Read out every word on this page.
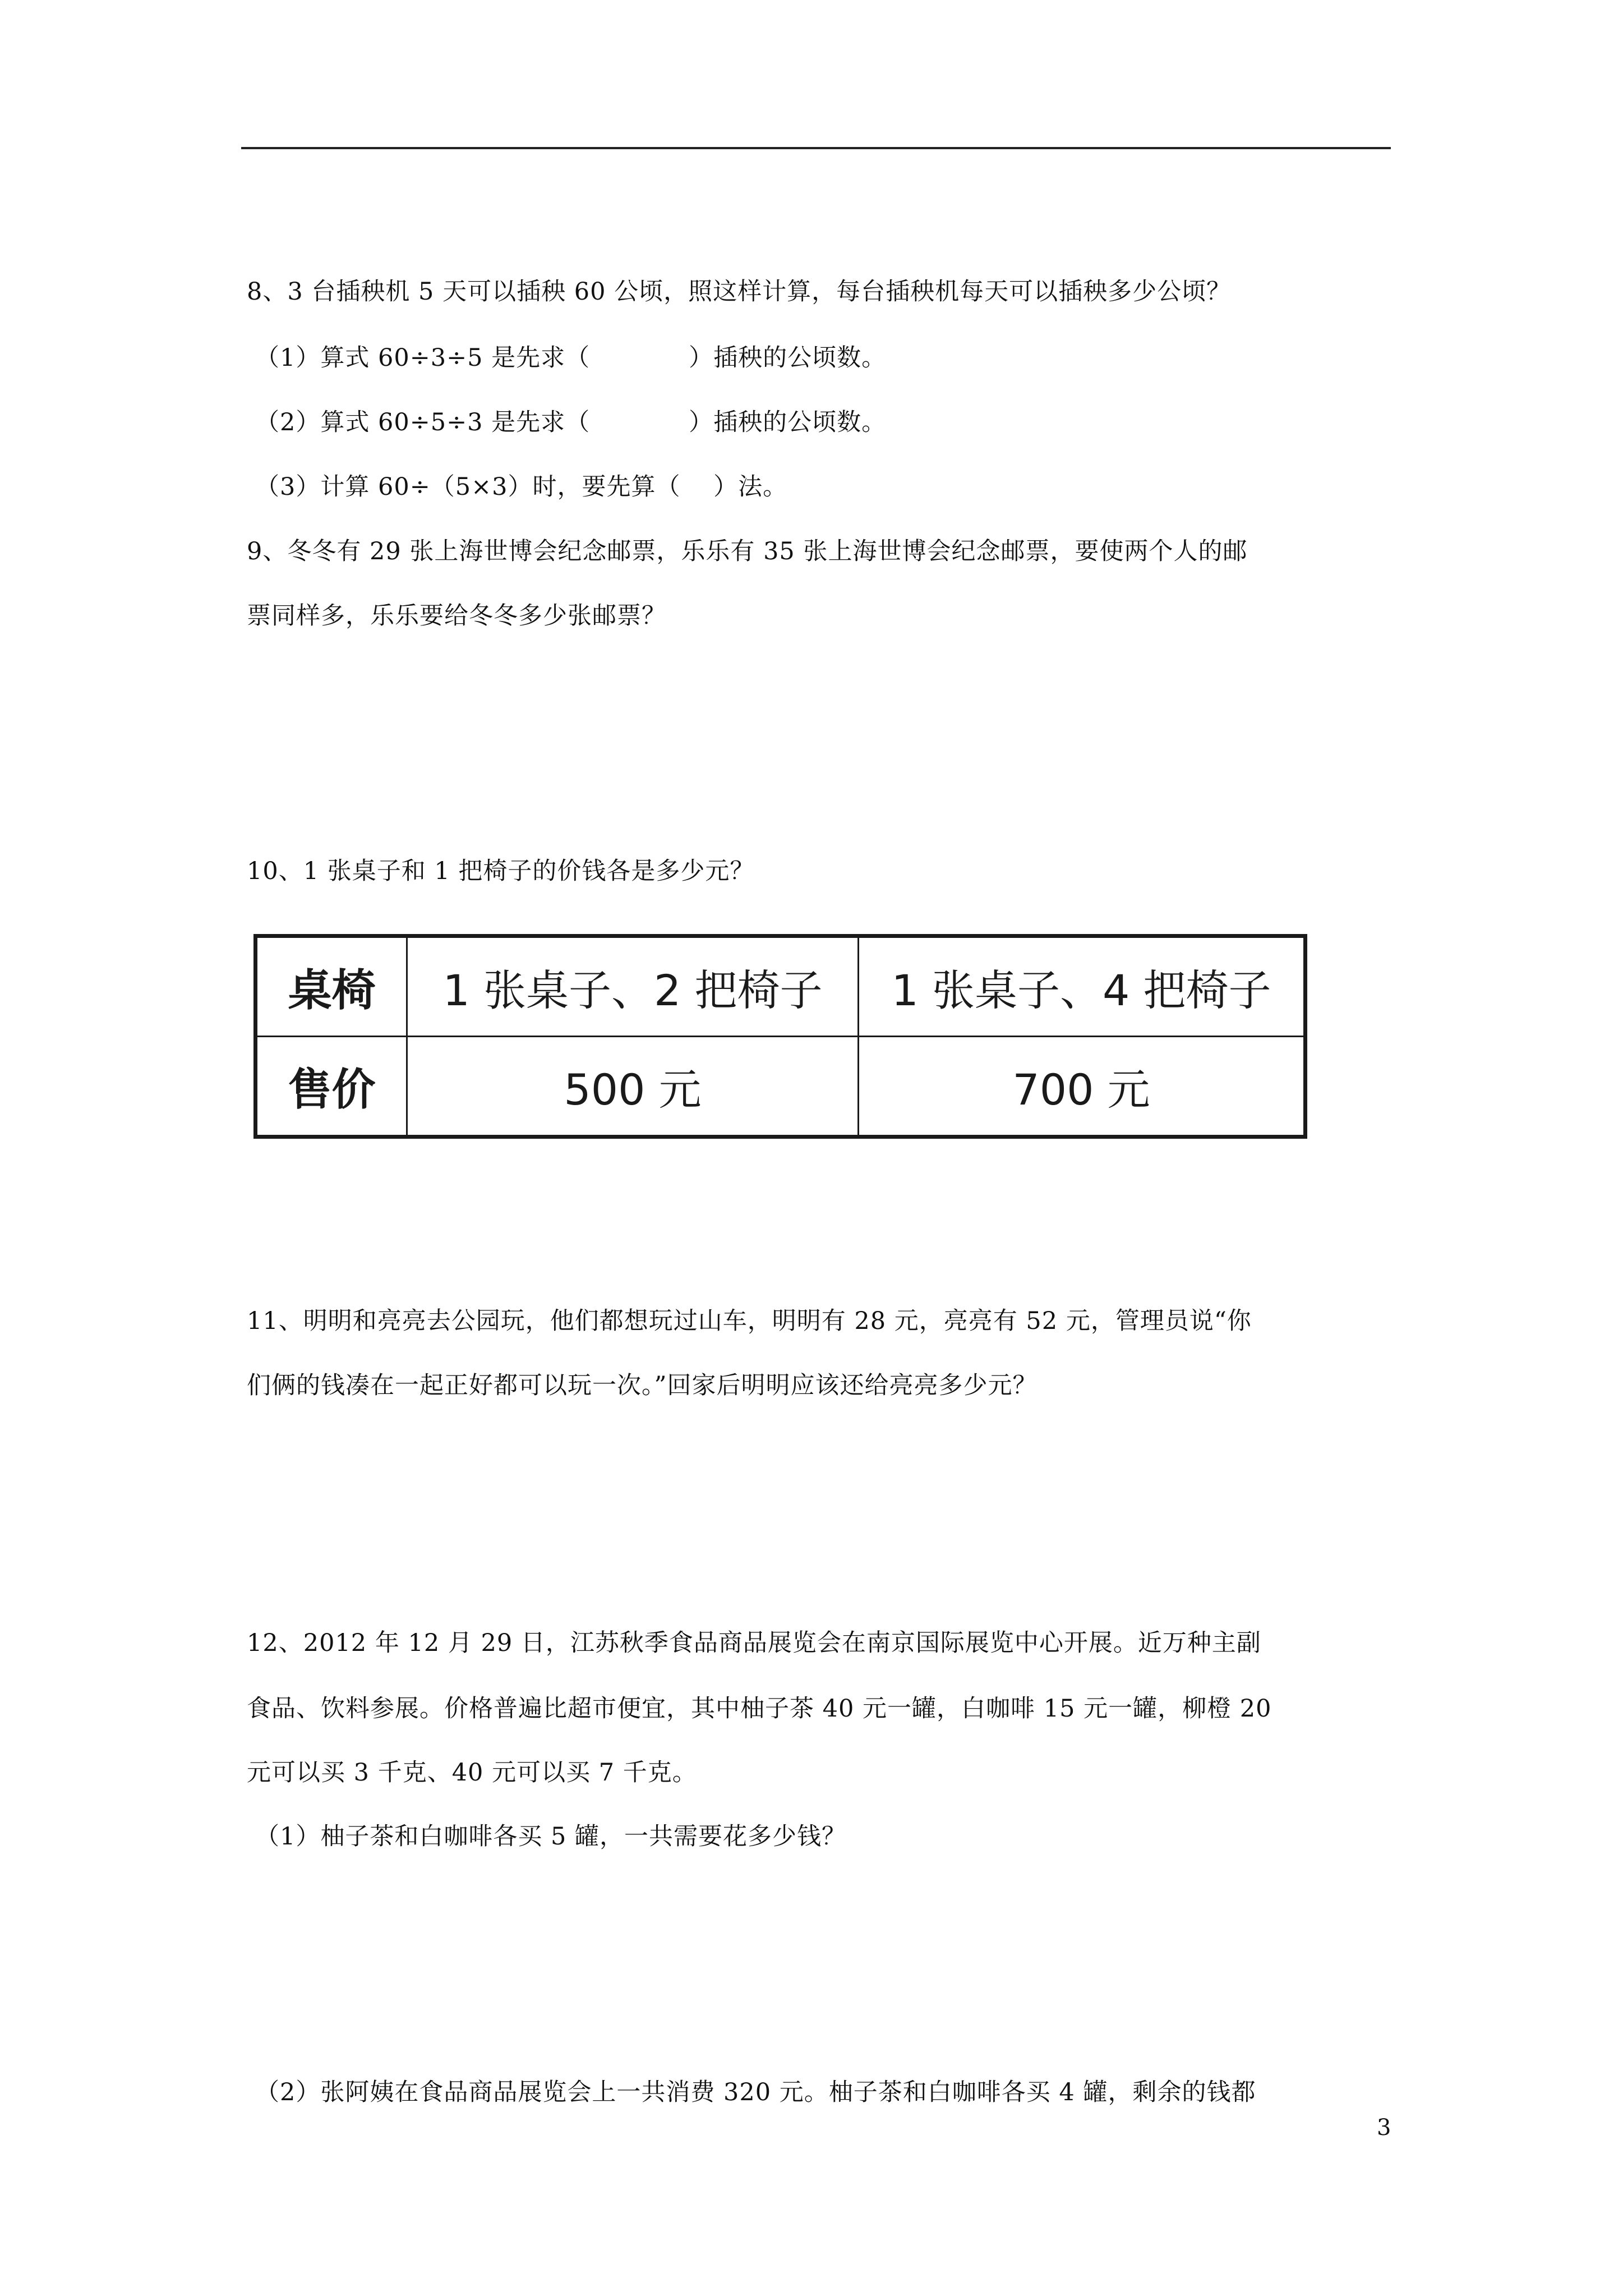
8、3 台插秧机 5 天可以插秧 60 公顷，照这样计算，每台插秧机每天可以插秧多少公顷？
（1）算式 60÷3÷5 是先求（　　　　）插秧的公顷数。
（2）算式 60÷5÷3 是先求（　　　　）插秧的公顷数。
（3）计算 60÷（5×3）时，要先算（　 ）法。
9、冬冬有 29 张上海世博会纪念邮票，乐乐有 35 张上海世博会纪念邮票，要使两个人的邮
票同样多，乐乐要给冬冬多少张邮票？
10、1 张桌子和 1 把椅子的价钱各是多少元？
桌椅	1 张桌子、2 把椅子	1 张桌子、4 把椅子
售价	500 元	700 元
11、明明和亮亮去公园玩，他们都想玩过山车，明明有 28 元，亮亮有 52 元，管理员说“你
们俩的钱凑在一起正好都可以玩一次。”回家后明明应该还给亮亮多少元？
12、2012 年 12 月 29 日，江苏秋季食品商品展览会在南京国际展览中心开展。近万种主副
食品、饮料参展。价格普遍比超市便宜，其中柚子茶 40 元一罐，白咖啡 15 元一罐，柳橙 20
元可以买 3 千克、40 元可以买 7 千克。
（1）柚子茶和白咖啡各买 5 罐，一共需要花多少钱？
（2）张阿姨在食品商品展览会上一共消费 320 元。柚子茶和白咖啡各买 4 罐，剩余的钱都
3
